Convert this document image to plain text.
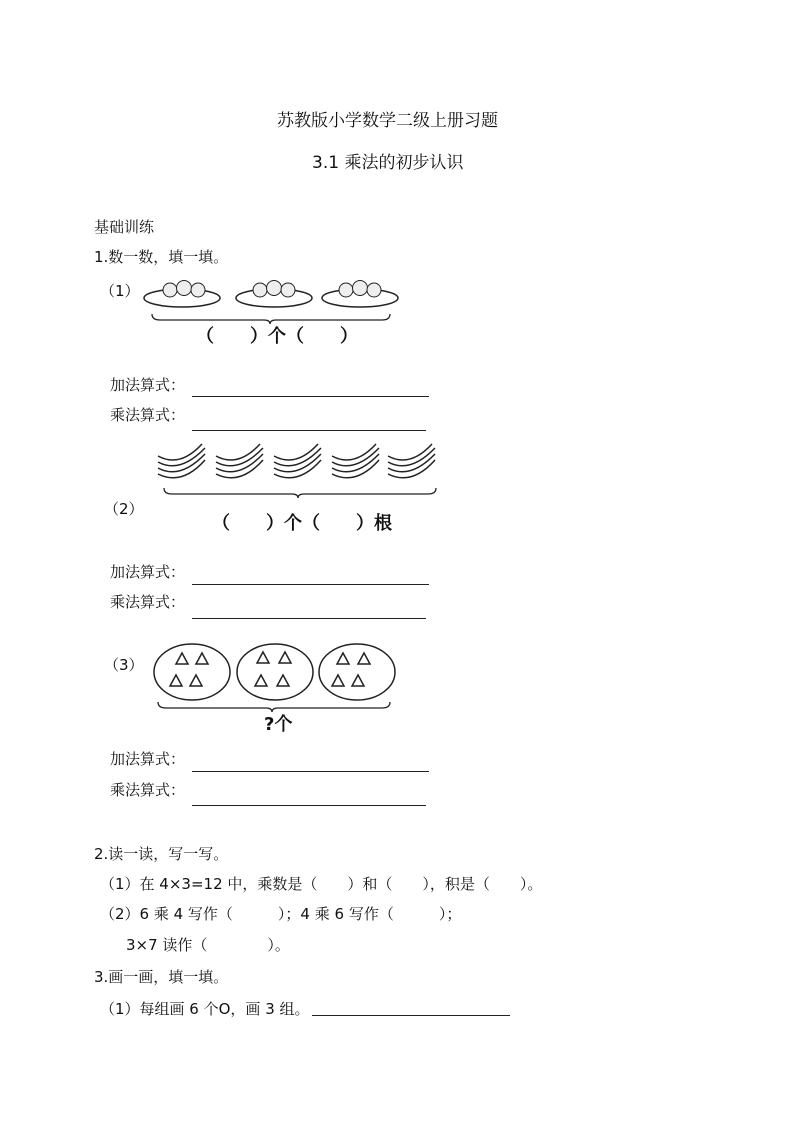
苏教版小学数学二级上册习题
3.1 乘法的初步认识
基础训练
1.数一数，填一填。
（1）
（　　）个（　　）
加法算式：
乘法算式：
（2）
（　　）个（　　）根
加法算式：
乘法算式：
（3）
?个
加法算式：
乘法算式：
2.读一读，写一写。
（1）在 4×3=12 中，乘数是（　　）和（　　），积是（　　）。
（2）6 乘 4 写作（　　　）；4 乘 6 写作（　　　）；
3×7 读作（　　　　）。
3.画一画，填一填。
（1）每组画 6 个O，画 3 组。
